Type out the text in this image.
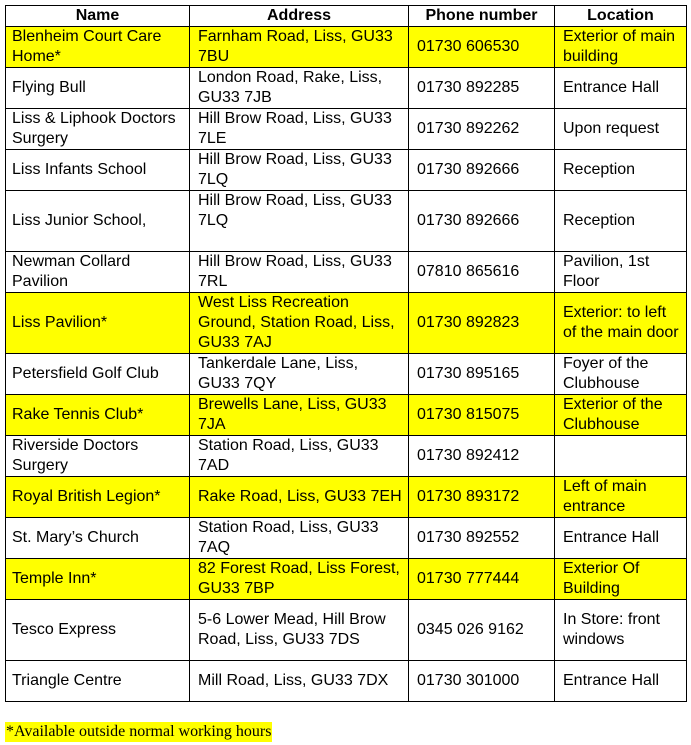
Name	Address	Phone number	Location
Blenheim Court Care Home*	Farnham Road, Liss, GU33 7BU	01730 606530	Exterior of main building
Flying Bull	London Road, Rake, Liss, GU33 7JB	01730 892285	Entrance Hall
Liss & Liphook Doctors Surgery	Hill Brow Road, Liss, GU33 7LE	01730 892262	Upon request
Liss Infants School	Hill Brow Road, Liss, GU33 7LQ	01730 892666	Reception
Liss Junior School,	Hill Brow Road, Liss, GU33 7LQ	01730 892666	Reception
Newman Collard Pavilion	Hill Brow Road, Liss, GU33 7RL	07810 865616	Pavilion, 1st Floor
Liss Pavilion*	West Liss Recreation Ground, Station Road, Liss, GU33 7AJ	01730 892823	Exterior: to left of the main door
Petersfield Golf Club	Tankerdale Lane, Liss, GU33 7QY	01730 895165	Foyer of the Clubhouse
Rake Tennis Club*	Brewells Lane, Liss, GU33 7JA	01730 815075	Exterior of the Clubhouse
Riverside Doctors Surgery	Station Road, Liss, GU33 7AD	01730 892412	
Royal British Legion*	Rake Road, Liss, GU33 7EH	01730 893172	Left of main entrance
St. Mary’s Church	Station Road, Liss, GU33 7AQ	01730 892552	Entrance Hall
Temple Inn*	82 Forest Road, Liss Forest, GU33 7BP	01730 777444	Exterior Of Building
Tesco Express	5-6 Lower Mead, Hill Brow Road, Liss, GU33 7DS	0345 026 9162	In Store: front windows
Triangle Centre	Mill Road, Liss, GU33 7DX	01730 301000	Entrance Hall
*Available outside normal working hours
